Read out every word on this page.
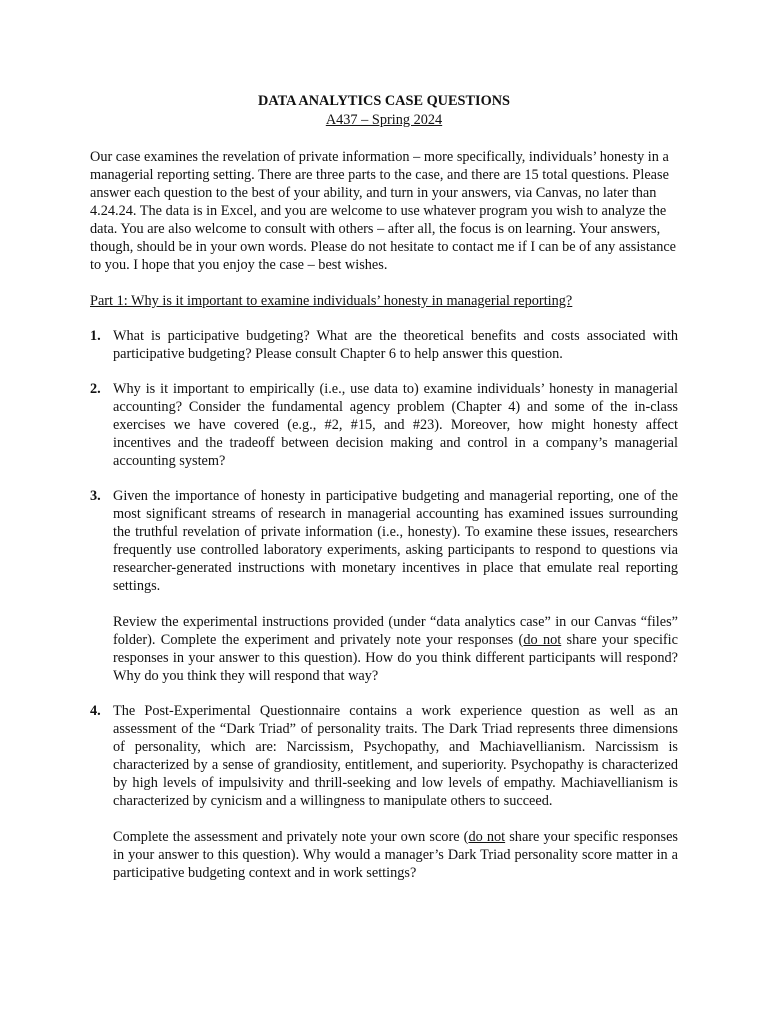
DATA ANALYTICS CASE QUESTIONS

A437 – Spring 2024

Our case examines the revelation of private information – more specifically, individuals’ honesty in a managerial reporting setting. There are three parts to the case, and there are 15 total questions. Please answer each question to the best of your ability, and turn in your answers, via Canvas, no later than 4.24.24. The data is in Excel, and you are welcome to use whatever program you wish to analyze the data. You are also welcome to consult with others – after all, the focus is on learning. Your answers, though, should be in your own words. Please do not hesitate to contact me if I can be of any assistance to you. I hope that you enjoy the case – best wishes.

Part 1: Why is it important to examine individuals’ honesty in managerial reporting?

1. What is participative budgeting? What are the theoretical benefits and costs associated with participative budgeting? Please consult Chapter 6 to help answer this question.

2. Why is it important to empirically (i.e., use data to) examine individuals’ honesty in managerial accounting? Consider the fundamental agency problem (Chapter 4) and some of the in-class exercises we have covered (e.g., #2, #15, and #23). Moreover, how might honesty affect incentives and the tradeoff between decision making and control in a company’s managerial accounting system?

3. Given the importance of honesty in participative budgeting and managerial reporting, one of the most significant streams of research in managerial accounting has examined issues surrounding the truthful revelation of private information (i.e., honesty). To examine these issues, researchers frequently use controlled laboratory experiments, asking participants to respond to questions via researcher-generated instructions with monetary incentives in place that emulate real reporting settings.

Review the experimental instructions provided (under “data analytics case” in our Canvas “files” folder). Complete the experiment and privately note your responses (do not share your specific responses in your answer to this question). How do you think different participants will respond? Why do you think they will respond that way?

4. The Post-Experimental Questionnaire contains a work experience question as well as an assessment of the “Dark Triad” of personality traits. The Dark Triad represents three dimensions of personality, which are: Narcissism, Psychopathy, and Machiavellianism. Narcissism is characterized by a sense of grandiosity, entitlement, and superiority. Psychopathy is characterized by high levels of impulsivity and thrill-seeking and low levels of empathy. Machiavellianism is characterized by cynicism and a willingness to manipulate others to succeed.

Complete the assessment and privately note your own score (do not share your specific responses in your answer to this question). Why would a manager’s Dark Triad personality score matter in a participative budgeting context and in work settings?
